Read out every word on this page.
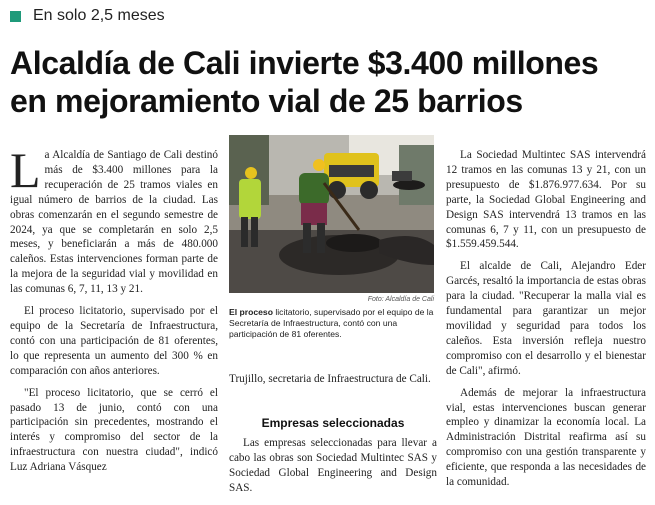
En solo 2,5 meses
Alcaldía de Cali invierte $3.400 millones
en mejoramiento vial de 25 barrios

La Alcaldía de Santiago de Cali destinó más de $3.400 millones para la recuperación de 25 tramos viales en igual número de barrios de la ciudad. Las obras comenzarán en el segundo semestre de 2024, ya que se completarán en solo 2,5 meses, y beneficiarán a más de 480.000 caleños. Estas intervenciones forman parte de la mejora de la seguridad vial y movilidad en las comunas 6, 7, 11, 13 y 21.

El proceso licitatorio, supervisado por el equipo de la Secretaría de Infraestructura, contó con una participación de 81 oferentes, lo que representa un aumento del 300 % en comparación con años anteriores.

"El proceso licitatorio, que se cerró el pasado 13 de junio, contó con una participación sin precedentes, mostrando el interés y compromiso del sector de la infraestructura con nuestra ciudad", indicó Luz Adriana Vásquez

Foto: Alcaldía de Cali
El proceso licitatorio, supervisado por el equipo de la Secretaría de Infraestructura, contó con una participación de 81 oferentes.

Trujillo, secretaria de Infraestructura de Cali.

Empresas seleccionadas

Las empresas seleccionadas para llevar a cabo las obras son Sociedad Multintec SAS y Sociedad Global Engineering and Design SAS.

La Sociedad Multintec SAS intervendrá 12 tramos en las comunas 13 y 21, con un presupuesto de $1.876.977.634. Por su parte, la Sociedad Global Engineering and Design SAS intervendrá 13 tramos en las comunas 6, 7 y 11, con un presupuesto de $1.559.459.544.

El alcalde de Cali, Alejandro Eder Garcés, resaltó la importancia de estas obras para la ciudad. "Recuperar la malla vial es fundamental para garantizar un mejor movilidad y seguridad para todos los caleños. Esta inversión refleja nuestro compromiso con el desarrollo y el bienestar de Cali", afirmó.

Además de mejorar la infraestructura vial, estas intervenciones buscan generar empleo y dinamizar la economía local. La Administración Distrital reafirma así su compromiso con una gestión transparente y eficiente, que responda a las necesidades de la comunidad.
